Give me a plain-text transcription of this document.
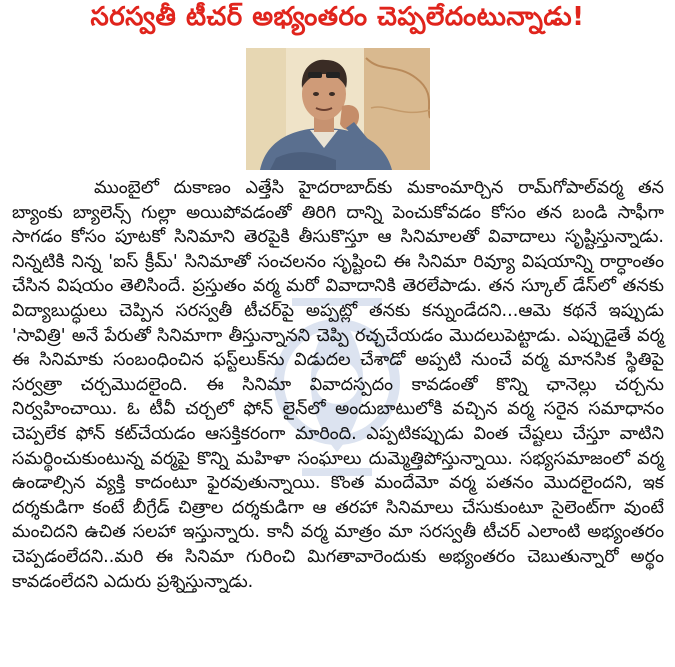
సరస్వతీ టీచర్ అభ్యంతరం చెప్పలేదంటున్నాడు!

ముంబైలో దుకాణం ఎత్తేసి హైదరాబాద్‌కు మకాంమార్చిన రామ్‌గోపాల్‌వర్మ తన బ్యాంకు బ్యాలెన్స్ గుల్లా అయిపోవడంతో తిరిగి దాన్ని పెంచుకోవడం కోసం తన బండి సాఫీగా సాగడం కోసం పూటకో సినిమాని తెరపైకి తీసుకొస్తూ ఆ సినిమాలతో వివాదాలు సృష్టిస్తున్నాడు. నిన్నటికి నిన్న 'ఐస్ క్రీమ్' సినిమాతో సంచలనం సృష్టించి ఈ సినిమా రివ్యూ విషయాన్ని రార్ధాంతం చేసిన విషయం తెలిసిందే. ప్రస్తుతం వర్మ మరో వివాదానికి తెరలేపాడు. తన స్కూల్ డేస్‌లో తనకు విద్యాబుద్ధులు చెప్పిన సరస్వతీ టీచర్‌పై అప్పట్లో తనకు కన్నుండేదని...ఆమె కథనే ఇప్పుడు 'సావిత్రి' అనే పేరుతో సినిమాగా తీస్తున్నానని చెప్పి రచ్చచేయడం మొదలుపెట్టాడు. ఎప్పుడైతే వర్మ ఈ సినిమాకు సంబంధించిన ఫస్ట్‌లుక్‌ను విడుదల చేశాడో అప్పటి నుంచే వర్మ మానసిక స్థితిపై సర్వత్రా చర్చమొదలైంది. ఈ సినిమా వివాదస్పదం కావడంతో కొన్ని ఛానెల్లు చర్చను నిర్వహించాయి. ఓ టీవీ చర్చలో ఫోన్ లైన్‌లో అందుబాటులోకి వచ్చిన వర్మ సరైన సమాధానం చెప్పలేక ఫోన్ కట్‌చేయడం ఆసక్తికరంగా మారింది. ఎప్పటికప్పుడు వింత చేష్టలు చేస్తూ వాటిని సమర్థించుకుంటున్న వర్మపై కొన్ని మహిళా సంఘాలు దుమ్మెత్తిపోస్తున్నాయి. సభ్యసమాజంలో వర్మ ఉండాల్సిన వ్యక్తి కాదంటూ ఫైరవుతున్నాయి. కొంత మందేమో వర్మ పతనం మొదలైందని, ఇక దర్శకుడిగా కంటే బీగ్రేడ్ చిత్రాల దర్శకుడిగా ఆ తరహా సినిమాలు చేసుకుంటూ సైలెంట్‌గా వుంటే మంచిదని ఉచిత సలహా ఇస్తున్నారు. కానీ వర్మ మాత్రం మా సరస్వతీ టీచర్ ఎలాంటి అభ్యంతరం చెప్పడంలేదని..మరి ఈ సినిమా గురించి మిగతావారెందుకు అభ్యంతరం చెబుతున్నారో అర్థం కావడంలేదని ఎదురు ప్రశ్నిస్తున్నాడు.
